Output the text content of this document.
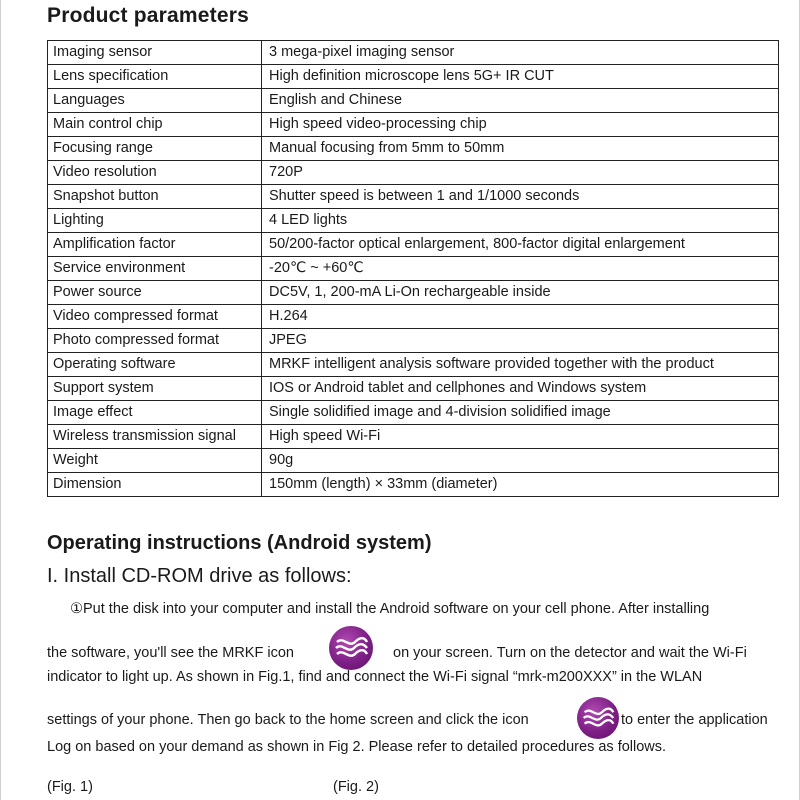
Product parameters
Imaging sensor	3 mega-pixel imaging sensor
Lens specification	High definition microscope lens 5G+ IR CUT
Languages	English and Chinese
Main control chip	High speed video-processing chip
Focusing range	Manual focusing from 5mm to 50mm
Video resolution	720P
Snapshot button	Shutter speed is between 1 and 1/1000 seconds
Lighting	4 LED lights
Amplification factor	50/200-factor optical enlargement, 800-factor digital enlargement
Service environment	-20℃ ~ +60℃
Power source	DC5V, 1, 200-mA Li-On rechargeable inside
Video compressed format	H.264
Photo compressed format	JPEG
Operating software	MRKF intelligent analysis software provided together with the product
Support system	IOS or Android tablet and cellphones and Windows system
Image effect	Single solidified image and 4-division solidified image
Wireless transmission signal	High speed Wi-Fi
Weight	90g
Dimension	150mm (length) × 33mm (diameter)
Operating instructions (Android system)
I. Install CD-ROM drive as follows:
①Put the disk into your computer and install the Android software on your cell phone. After installing
the software, you'll see the MRKF icon	on your screen. Turn on the detector and wait the Wi-Fi
indicator to light up. As shown in Fig.1, find and connect the Wi-Fi signal “mrk-m200XXX” in the WLAN
settings of your phone. Then go back to the home screen and click the icon	to enter the application
Log on based on your demand as shown in Fig 2. Please refer to detailed procedures as follows.
(Fig. 1)	(Fig. 2)
